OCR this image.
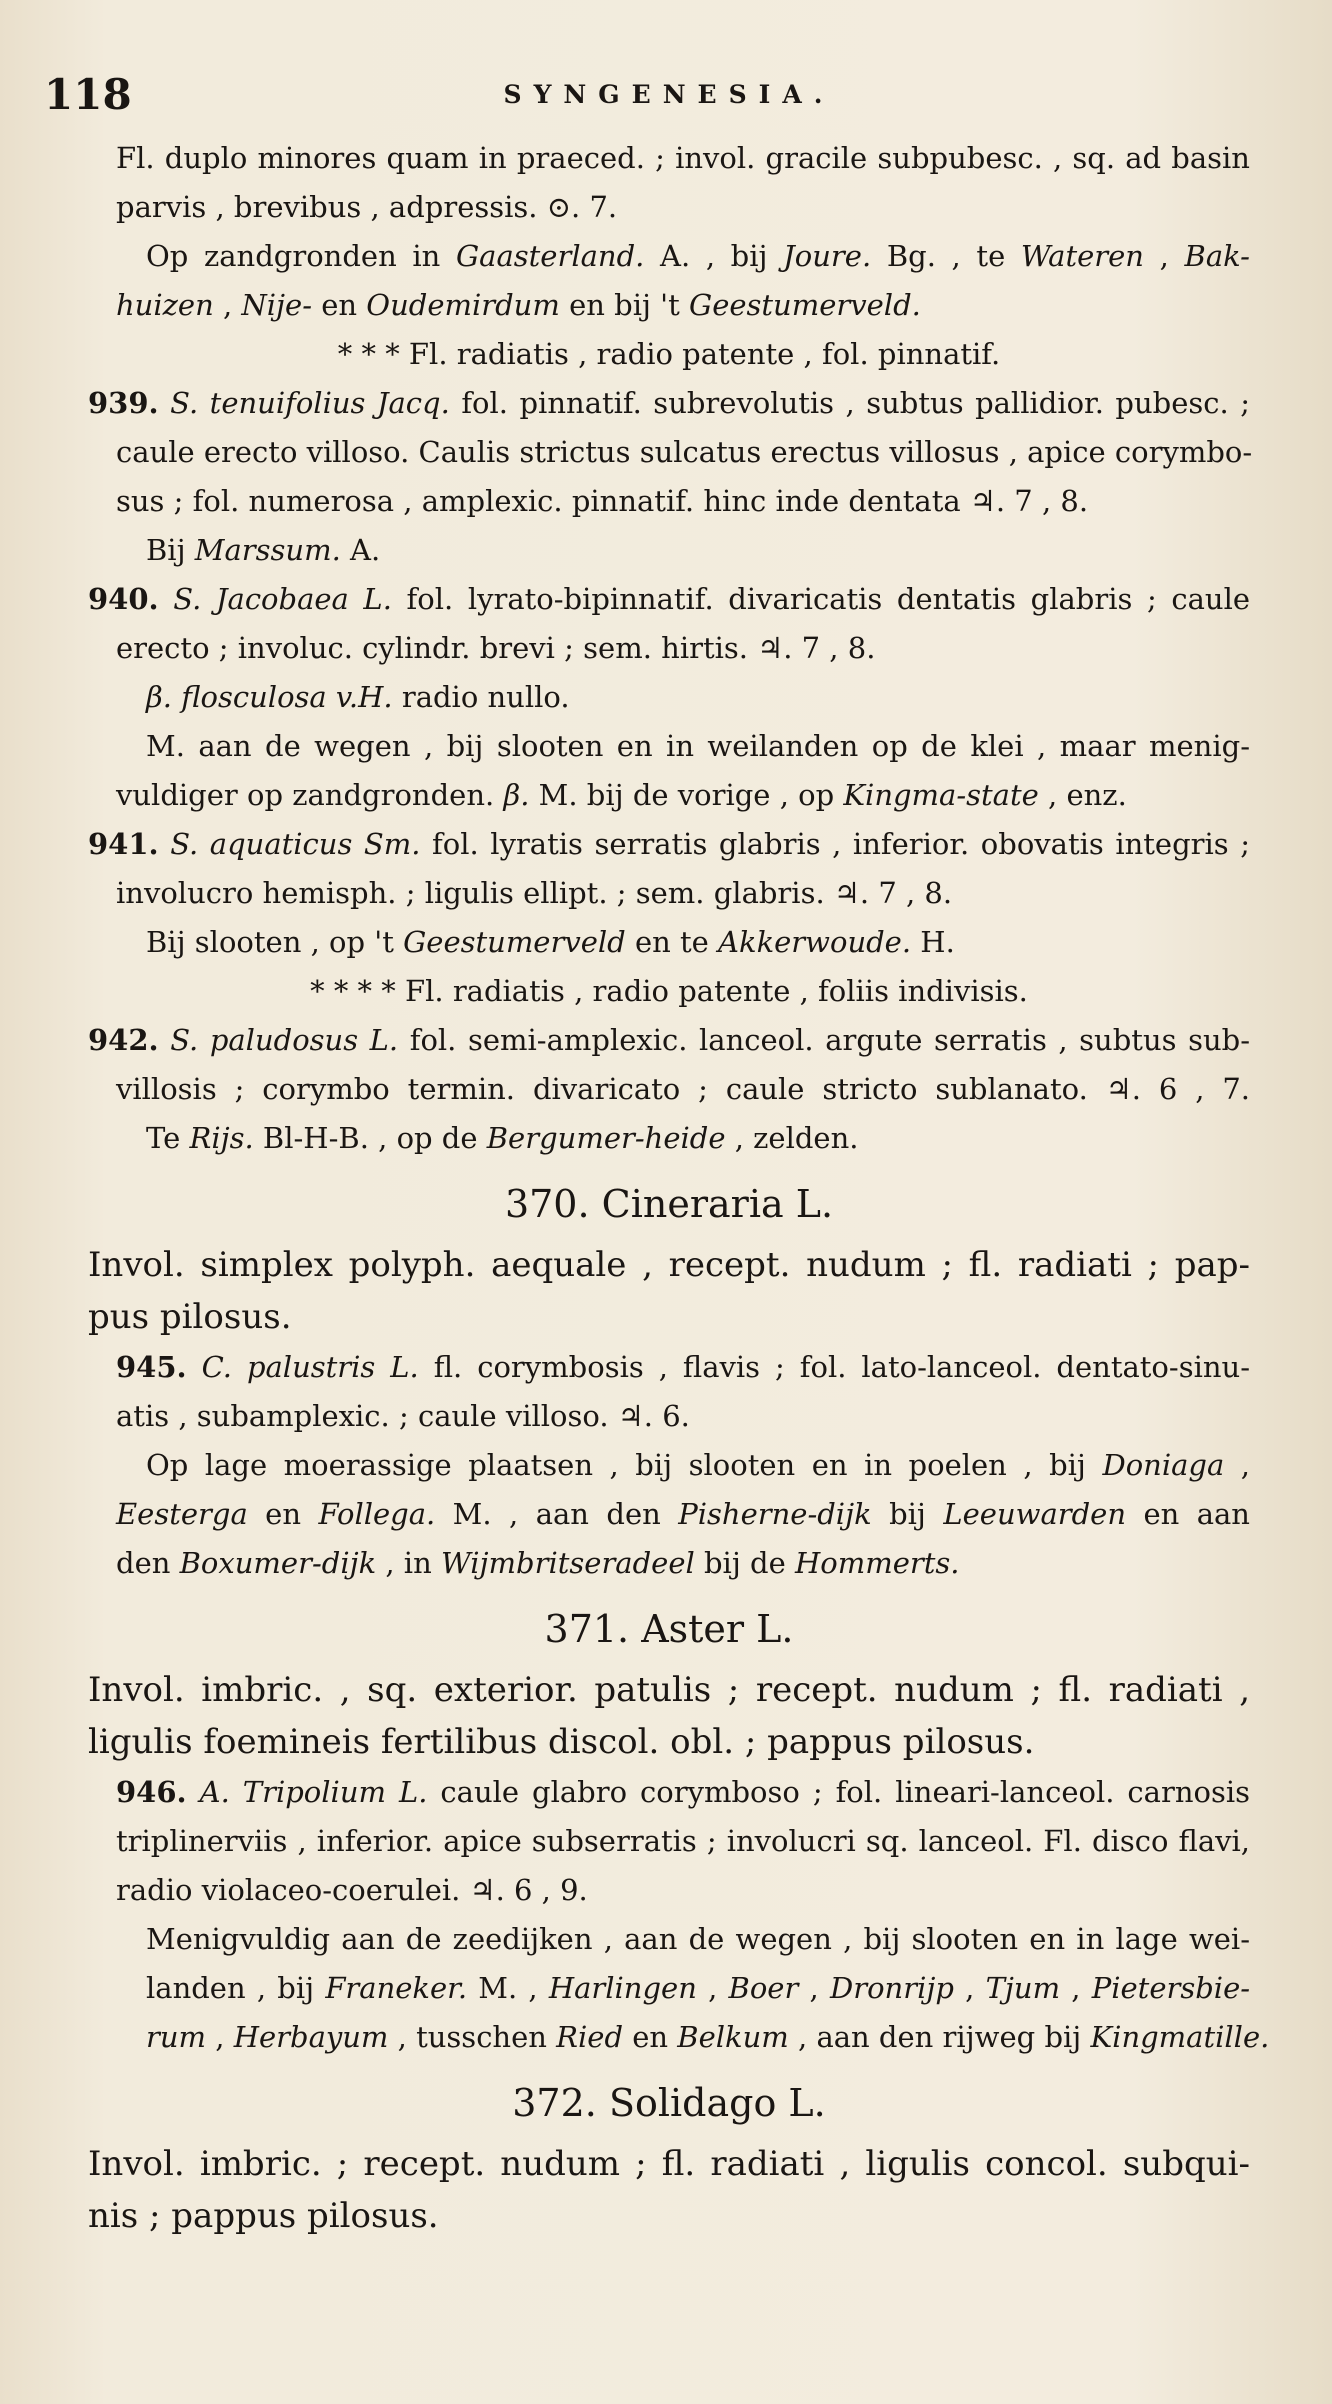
118	SYNGENESIA.
Fl. duplo minores quam in praeced. ; invol. gracile subpubesc. , sq. ad basin
parvis , brevibus , adpressis. ⊙. 7.
Op zandgronden in Gaasterland. A. , bij Joure. Bg. , te Wateren , Bak-
huizen , Nije- en Oudemirdum en bij 't Geestumerveld.
* * * Fl. radiatis , radio patente , fol. pinnatif.
939. S. tenuifolius Jacq. fol. pinnatif. subrevolutis , subtus pallidior. pubesc. ;
caule erecto villoso. Caulis strictus sulcatus erectus villosus , apice corymbo-
sus ; fol. numerosa , amplexic. pinnatif. hinc inde dentata ♃. 7 , 8.
Bij Marssum. A.
940. S. Jacobaea L. fol. lyrato-bipinnatif. divaricatis dentatis glabris ; caule
erecto ; involuc. cylindr. brevi ; sem. hirtis. ♃. 7 , 8.
β. flosculosa v.H. radio nullo.
M. aan de wegen , bij slooten en in weilanden op de klei , maar menig-
vuldiger op zandgronden. β. M. bij de vorige , op Kingma-state , enz.
941. S. aquaticus Sm. fol. lyratis serratis glabris , inferior. obovatis integris ;
involucro hemisph. ; ligulis ellipt. ; sem. glabris. ♃. 7 , 8.
Bij slooten , op 't Geestumerveld en te Akkerwoude. H.
* * * * Fl. radiatis , radio patente , foliis indivisis.
942. S. paludosus L. fol. semi-amplexic. lanceol. argute serratis , subtus sub-
villosis ; corymbo termin. divaricato ; caule stricto sublanato. ♃. 6 , 7.
Te Rijs. Bl-H-B. , op de Bergumer-heide , zelden.
370. Cineraria L.
Invol. simplex polyph. aequale , recept. nudum ; fl. radiati ; pap-
pus pilosus.
945. C. palustris L. fl. corymbosis , flavis ; fol. lato-lanceol. dentato-sinu-
atis , subamplexic. ; caule villoso. ♃. 6.
Op lage moerassige plaatsen , bij slooten en in poelen , bij Doniaga ,
Eesterga en Follega. M. , aan den Pisherne-dijk bij Leeuwarden en aan
den Boxumer-dijk , in Wijmbritseradeel bij de Hommerts.
371. Aster L.
Invol. imbric. , sq. exterior. patulis ; recept. nudum ; fl. radiati ,
ligulis foemineis fertilibus discol. obl. ; pappus pilosus.
946. A. Tripolium L. caule glabro corymboso ; fol. lineari-lanceol. carnosis
triplinerviis , inferior. apice subserratis ; involucri sq. lanceol. Fl. disco flavi,
radio violaceo-coerulei. ♃. 6 , 9.
Menigvuldig aan de zeedijken , aan de wegen , bij slooten en in lage wei-
landen , bij Franeker. M. , Harlingen , Boer , Dronrijp , Tjum , Pietersbie-
rum , Herbayum , tusschen Ried en Belkum , aan den rijweg bij Kingmatille.
372. Solidago L.
Invol. imbric. ; recept. nudum ; fl. radiati , ligulis concol. subqui-
nis ; pappus pilosus.
